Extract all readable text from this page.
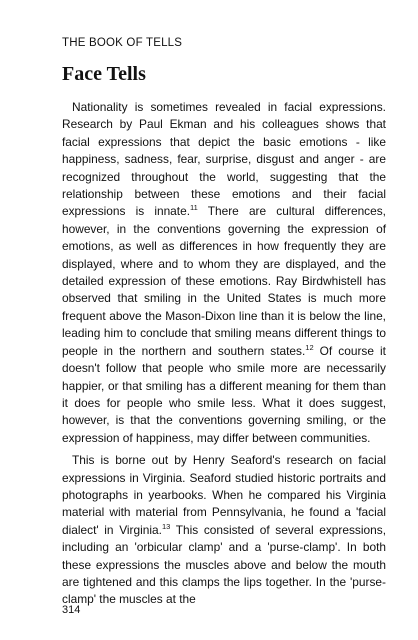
THE BOOK OF TELLS
Face Tells

Nationality is sometimes revealed in facial expressions. Research by Paul Ekman and his colleagues shows that facial expressions that depict the basic emotions - like happiness, sadness, fear, surprise, disgust and anger - are recognized throughout the world, suggesting that the relationship between these emotions and their facial expressions is innate.$^{11}$ There are cultural differences, however, in the conventions governing the expression of emotions, as well as differences in how frequently they are displayed, where and to whom they are displayed, and the detailed expression of these emotions. Ray Birdwhistell has observed that smiling in the United States is much more frequent above the Mason-Dixon line than it is below the line, leading him to conclude that smiling means different things to people in the northern and southern states.$^{12}$ Of course it doesn't follow that people who smile more are necessarily happier, or that smiling has a different meaning for them than it does for people who smile less. What it does suggest, however, is that the conventions governing smiling, or the expression of happiness, may differ between communities.

This is borne out by Henry Seaford's research on facial expressions in Virginia. Seaford studied historic portraits and photographs in yearbooks. When he compared his Virginia material with material from Pennsylvania, he found a 'facial dialect' in Virginia.$^{13}$ This consisted of several expressions, including an 'orbicular clamp' and a 'purse-clamp'. In both these expressions the muscles above and below the mouth are tightened and this clamps the lips together. In the 'purse-clamp' the muscles at the

314
